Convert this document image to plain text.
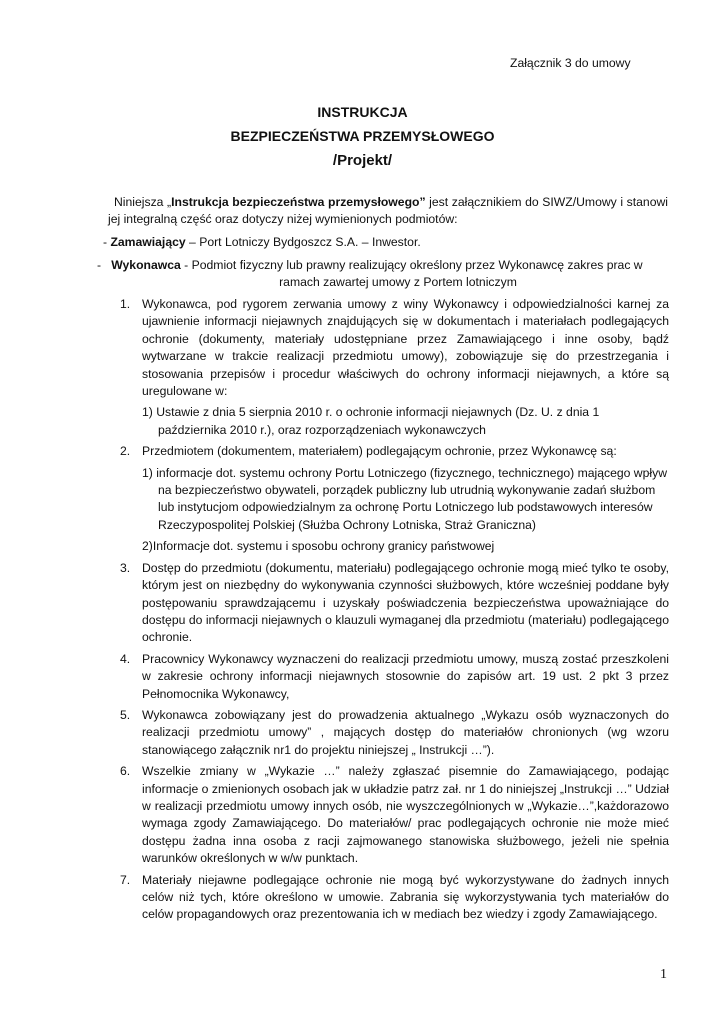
Załącznik 3 do umowy
INSTRUKCJA
BEZPIECZEŃSTWA PRZEMYSŁOWEGO
/Projekt/
Niniejsza „Instrukcja bezpieczeństwa przemysłowego” jest załącznikiem do SIWZ/Umowy i stanowi jej integralną część oraz dotyczy niżej wymienionych podmiotów:
- Zamawiający – Port Lotniczy Bydgoszcz S.A. – Inwestor.
- Wykonawca - Podmiot fizyczny lub prawny realizujący określony przez Wykonawcę zakres prac w
ramach zawartej umowy z Portem lotniczym
1. Wykonawca, pod rygorem zerwania umowy z winy Wykonawcy i odpowiedzialności karnej za ujawnienie informacji niejawnych znajdujących się w dokumentach i materiałach podlegających ochronie (dokumenty, materiały udostępniane przez Zamawiającego i inne osoby, bądź wytwarzane w trakcie realizacji przedmiotu umowy), zobowiązuje się do przestrzegania i stosowania przepisów i procedur właściwych do ochrony informacji niejawnych, a które są uregulowane w:
1) Ustawie z dnia 5 sierpnia 2010 r. o ochronie informacji niejawnych (Dz. U. z dnia 1 października 2010 r.), oraz rozporządzeniach wykonawczych
2. Przedmiotem (dokumentem, materiałem) podlegającym ochronie, przez Wykonawcę są:
1) informacje dot. systemu ochrony Portu Lotniczego (fizycznego, technicznego) mającego wpływ na bezpieczeństwo obywateli, porządek publiczny lub utrudnią wykonywanie zadań służbom lub instytucjom odpowiedzialnym za ochronę Portu Lotniczego lub podstawowych interesów Rzeczypospolitej Polskiej (Służba Ochrony Lotniska, Straż Graniczna)
2)Informacje dot. systemu i sposobu ochrony granicy państwowej
3. Dostęp do przedmiotu (dokumentu, materiału) podlegającego ochronie mogą mieć tylko te osoby, którym jest on niezbędny do wykonywania czynności służbowych, które wcześniej poddane były postępowaniu sprawdzającemu i uzyskały poświadczenia bezpieczeństwa upoważniające do dostępu do informacji niejawnych o klauzuli wymaganej dla przedmiotu (materiału) podlegającego ochronie.
4. Pracownicy Wykonawcy wyznaczeni do realizacji przedmiotu umowy, muszą zostać przeszkoleni w zakresie ochrony informacji niejawnych stosownie do zapisów art. 19 ust. 2 pkt 3 przez Pełnomocnika Wykonawcy,
5. Wykonawca zobowiązany jest do prowadzenia aktualnego „Wykazu osób wyznaczonych do realizacji przedmiotu umowy” , mających dostęp do materiałów chronionych (wg wzoru stanowiącego załącznik nr1 do projektu niniejszej „ Instrukcji …”).
6. Wszelkie zmiany w „Wykazie …” należy zgłaszać pisemnie do Zamawiającego, podając informacje o zmienionych osobach jak w układzie patrz zał. nr 1 do niniejszej „Instrukcji …” Udział w realizacji przedmiotu umowy innych osób, nie wyszczególnionych w „Wykazie…”,każdorazowo wymaga zgody Zamawiającego. Do materiałów/ prac podlegających ochronie nie może mieć dostępu żadna inna osoba z racji zajmowanego stanowiska służbowego, jeżeli nie spełnia warunków określonych w w/w punktach.
7. Materiały niejawne podlegające ochronie nie mogą być wykorzystywane do żadnych innych celów niż tych, które określono w umowie. Zabrania się wykorzystywania tych materiałów do celów propagandowych oraz prezentowania ich w mediach bez wiedzy i zgody Zamawiającego.
1
